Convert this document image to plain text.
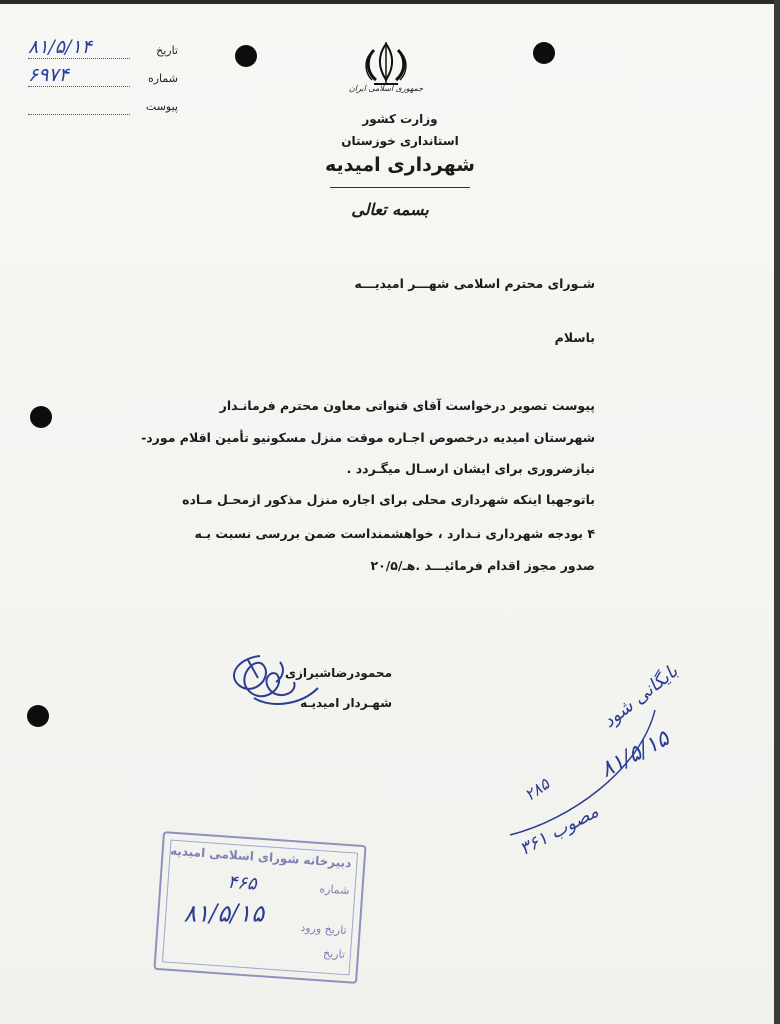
۸۱/۵/۱۴	تاریخ
۶۹۷۴	شماره
پیوست
جمهوری اسلامی ایران
وزارت کشور
استانداری خوزستان
شهرداری امیدیه
بسمه تعالی
شـورای محترم اسلامی شهـــر امیدیـــه
باسلام
پیوست تصویر درخواست آقای قنواتی معاون محترم فرمانـدار
شهرستان امیدیه درخصوص اجـاره موقت منزل مسکونیو تأمین اقلام مورد-
نیازضروری برای ایشان ارسـال میگـردد .
باتوجهبا اینکه شهرداری محلی برای اجاره منزل مذکور ازمحـل مـاده
۴ بودجه شهرداری نـدارد ، خواهشمنداست ضمن بررسی نسبت بـه
صدور مجوز اقدام فرمائیـــد .هـ/۲۰/۵
محمودرضاشیرازی
شهـردار امیدیـه	بایگانی شود
۸۱/۵/۱۵
۲۸۵
مصوب ۳۶۱
دبیرخانه شورای اسلامی امیدیه
شماره
۴۶۵
تاریخ ورود
۸۱/۵/۱۵
تاریخ
